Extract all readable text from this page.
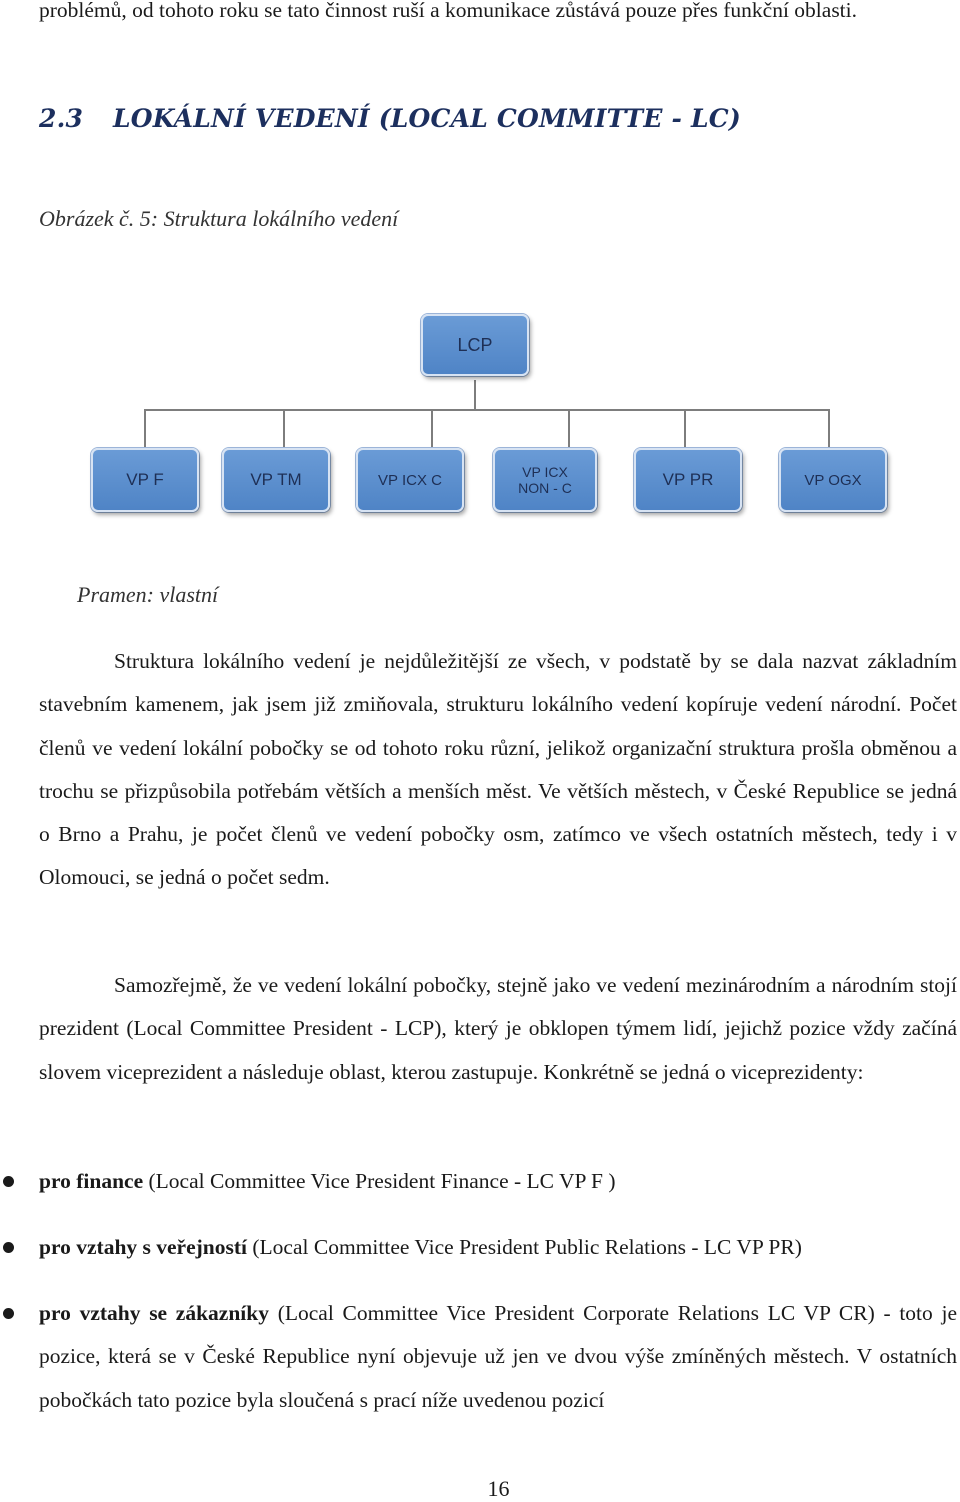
problémů, od tohoto roku se tato činnost ruší a komunikace zůstává pouze přes funkční oblasti.

2.3 LOKÁLNÍ VEDENÍ (LOCAL COMMITTE - LC)

Obrázek č. 5: Struktura lokálního vedení

LCP
VP F	VP TM	VP ICX C	VP ICX
NON - C	VP PR	VP OGX

Pramen: vlastní

Struktura lokálního vedení je nejdůležitější ze všech, v podstatě by se dala nazvat základním stavebním kamenem, jak jsem již zmiňovala, strukturu lokálního vedení kopíruje vedení národní. Počet členů ve vedení lokální pobočky se od tohoto roku různí, jelikož organizační struktura prošla obměnou a trochu se přizpůsobila potřebám větších a menších měst. Ve větších městech, v České Republice se jedná o Brno a Prahu, je počet členů ve vedení pobočky osm, zatímco ve všech ostatních městech, tedy i v Olomouci, se jedná o počet sedm.

Samozřejmě, že ve vedení lokální pobočky, stejně jako ve vedení mezinárodním a národním stojí prezident (Local Committee President - LCP), který je obklopen týmem lidí, jejichž pozice vždy začíná slovem viceprezident a následuje oblast, kterou zastupuje. Konkrétně se jedná o viceprezidenty:

pro finance (Local Committee Vice President Finance - LC VP F )

pro vztahy s veřejností (Local Committee Vice President Public Relations - LC VP PR)

pro vztahy se zákazníky (Local Committee Vice President Corporate Relations LC VP CR) - toto je pozice, která se v České Republice nyní objevuje už jen ve dvou výše zmíněných městech. V ostatních pobočkách tato pozice byla sloučená s prací níže uvedenou pozicí

16
